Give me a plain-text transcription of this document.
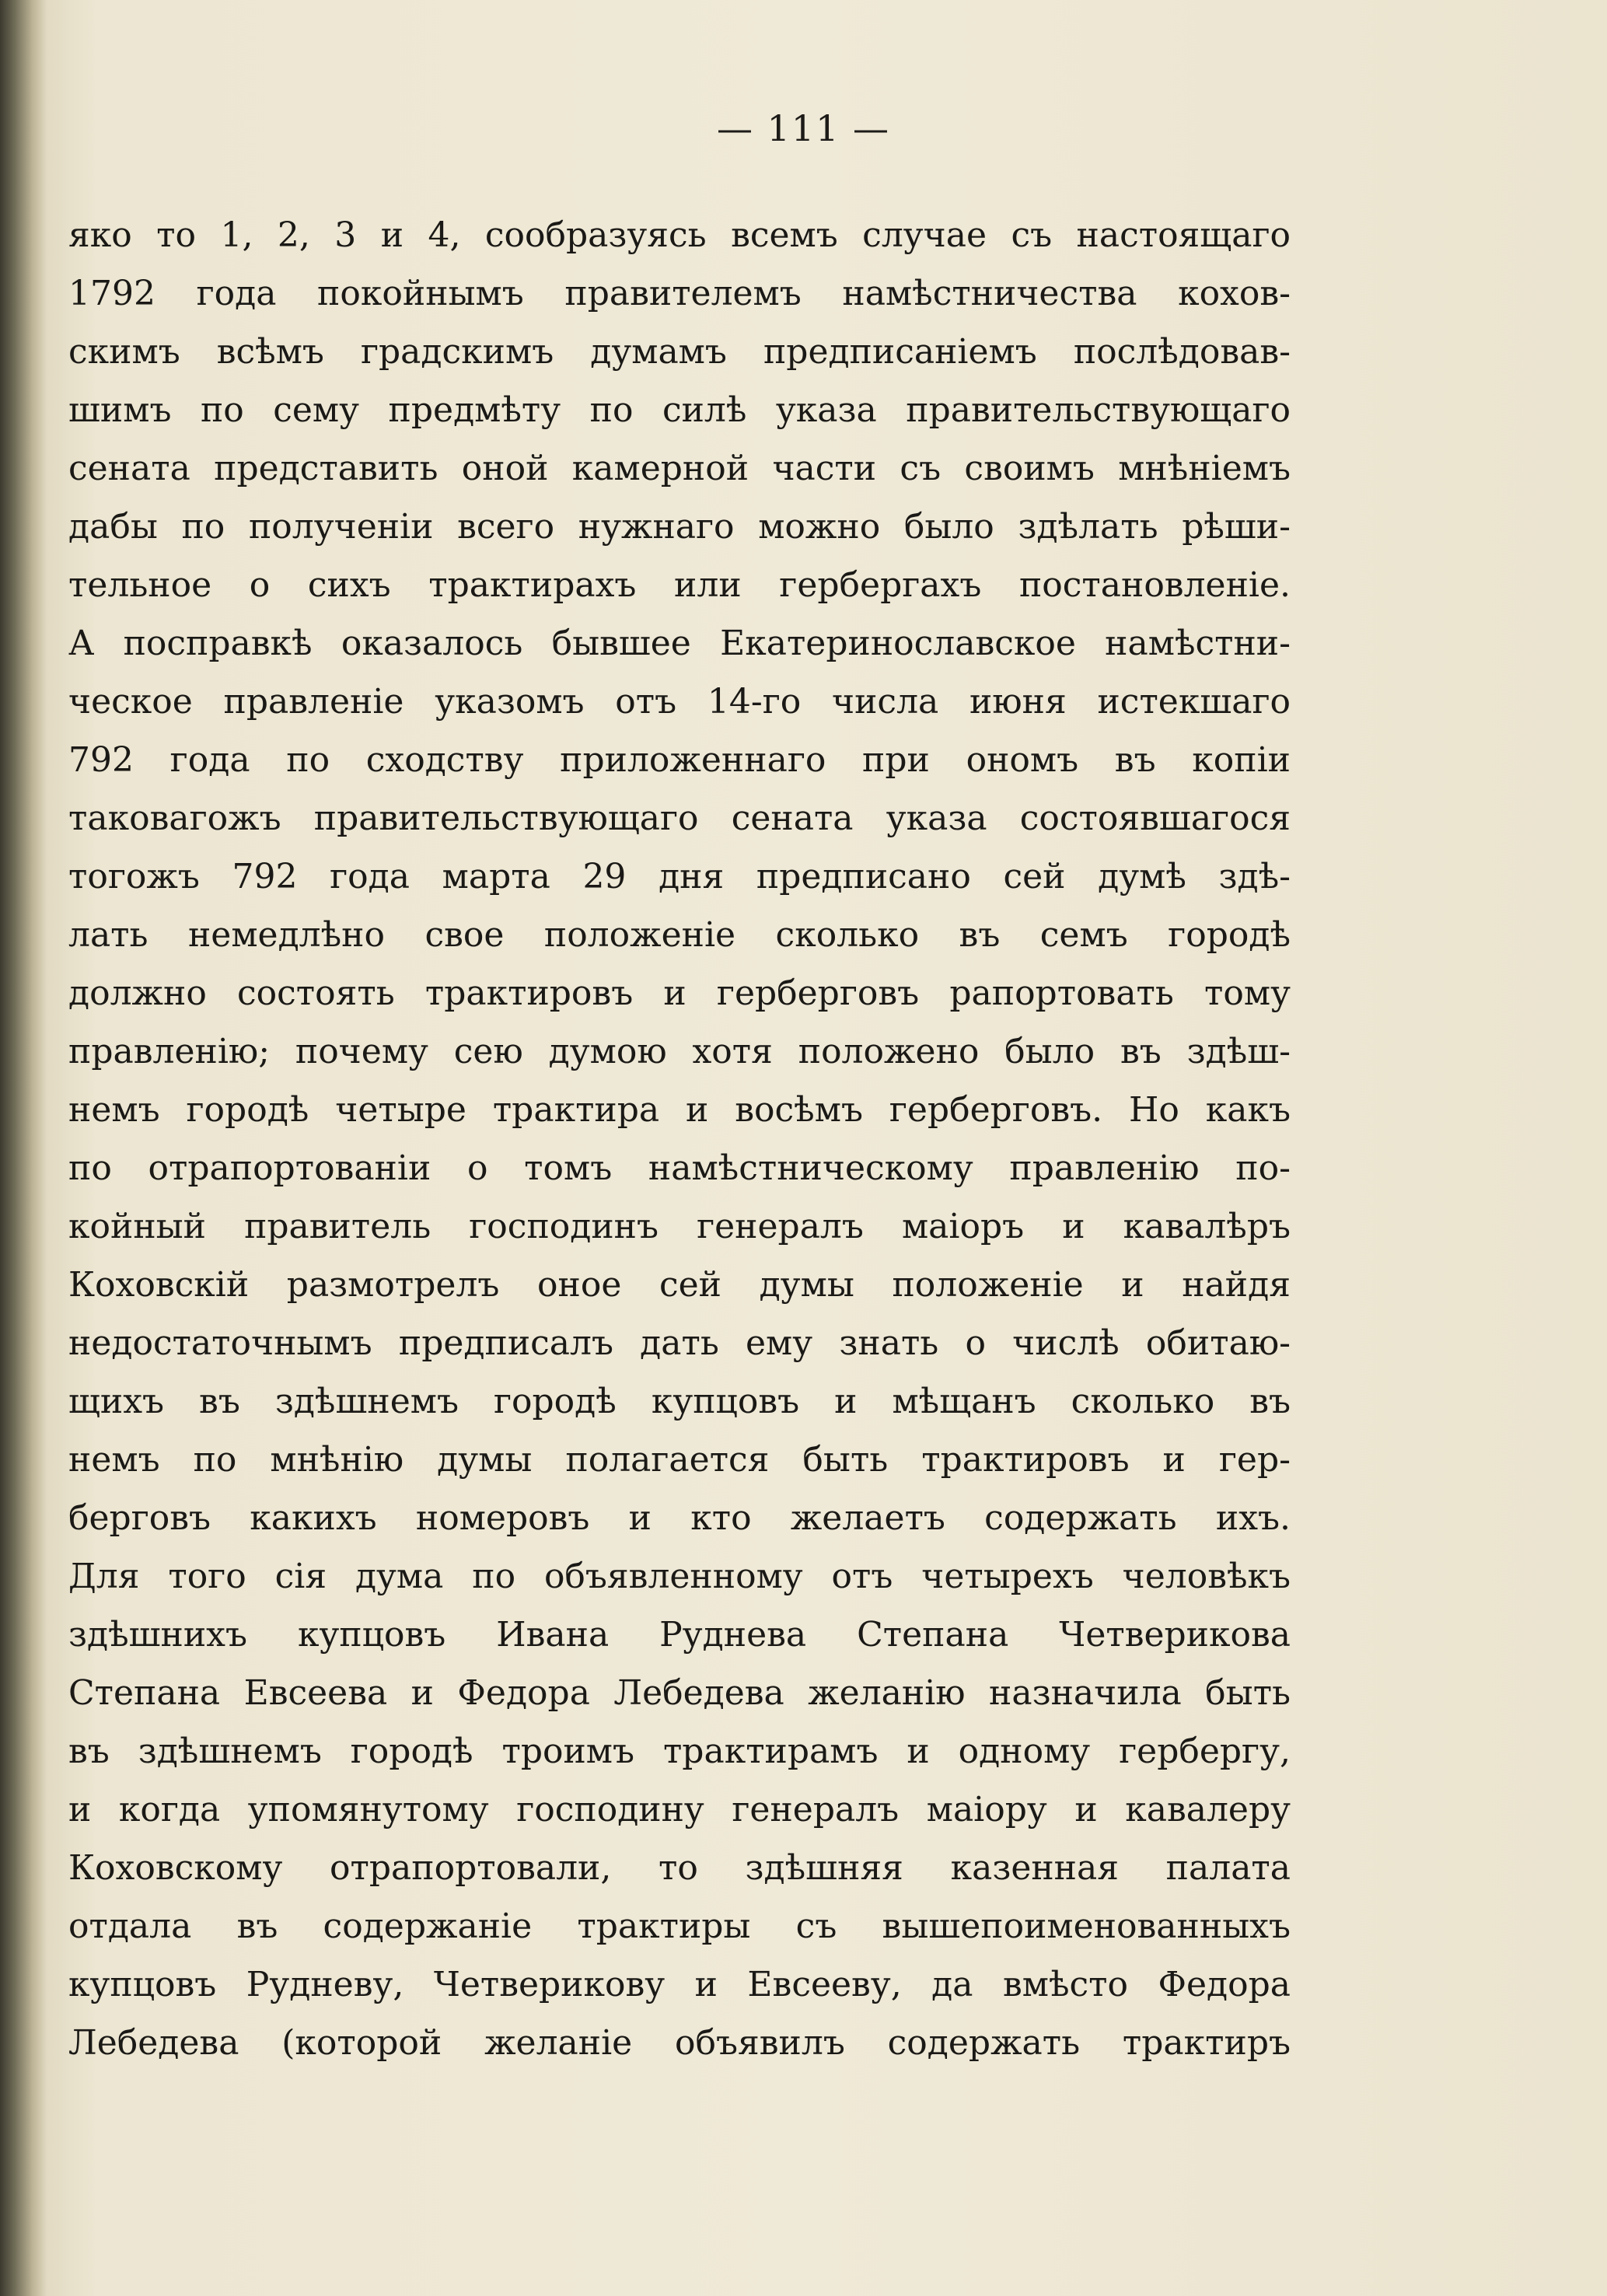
— 111 —
яко то 1, 2, 3 и 4, сообразуясь всемъ случае съ настоящаго
1792 года покойнымъ правителемъ намѣстничества кохов-
скимъ всѣмъ градскимъ думамъ предписаніемъ послѣдовав-
шимъ по сему предмѣту по силѣ указа правительствующаго
сената представить оной камерной части съ своимъ мнѣніемъ
дабы по полученіи всего нужнаго можно было здѣлать рѣши-
тельное о сихъ трактирахъ или гербергахъ постановленіе.
А посправкѣ оказалось бывшее Екатеринославское намѣстни-
ческое правленіе указомъ отъ 14-го числа июня истекшаго
792 года по сходству приложеннаго при ономъ въ копіи
таковагожъ правительствующаго сената указа состоявшагося
тогожъ 792 года марта 29 дня предписано сей думѣ здѣ-
лать немедлѣно свое положеніе сколько въ семъ городѣ
должно состоять трактировъ и герберговъ рапортовать тому
правленію; почему сею думою хотя положено было въ здѣш-
немъ городѣ четыре трактира и восѣмъ герберговъ. Но какъ
по отрапортованіи о томъ намѣстническому правленію по-
койный правитель господинъ генералъ маіоръ и кавалѣръ
Коховскій размотрелъ оное сей думы положеніе и найдя
недостаточнымъ предписалъ дать ему знать о числѣ обитаю-
щихъ въ здѣшнемъ городѣ купцовъ и мѣщанъ сколько въ
немъ по мнѣнію думы полагается быть трактировъ и гер-
берговъ какихъ номеровъ и кто желаетъ содержать ихъ.
Для того сія дума по объявленному отъ четырехъ человѣкъ
здѣшнихъ купцовъ Ивана Руднева Степана Четверикова
Степана Евсеева и Федора Лебедева желанію назначила быть
въ здѣшнемъ городѣ троимъ трактирамъ и одному гербергу,
и когда упомянутому господину генералъ маіору и кавалеру
Коховскому отрапортовали, то здѣшняя казенная палата
отдала въ содержаніе трактиры съ вышепоименованныхъ
купцовъ Рудневу, Четверикову и Евсееву, да вмѣсто Федора
Лебедева (которой желаніе объявилъ содержать трактиръ
